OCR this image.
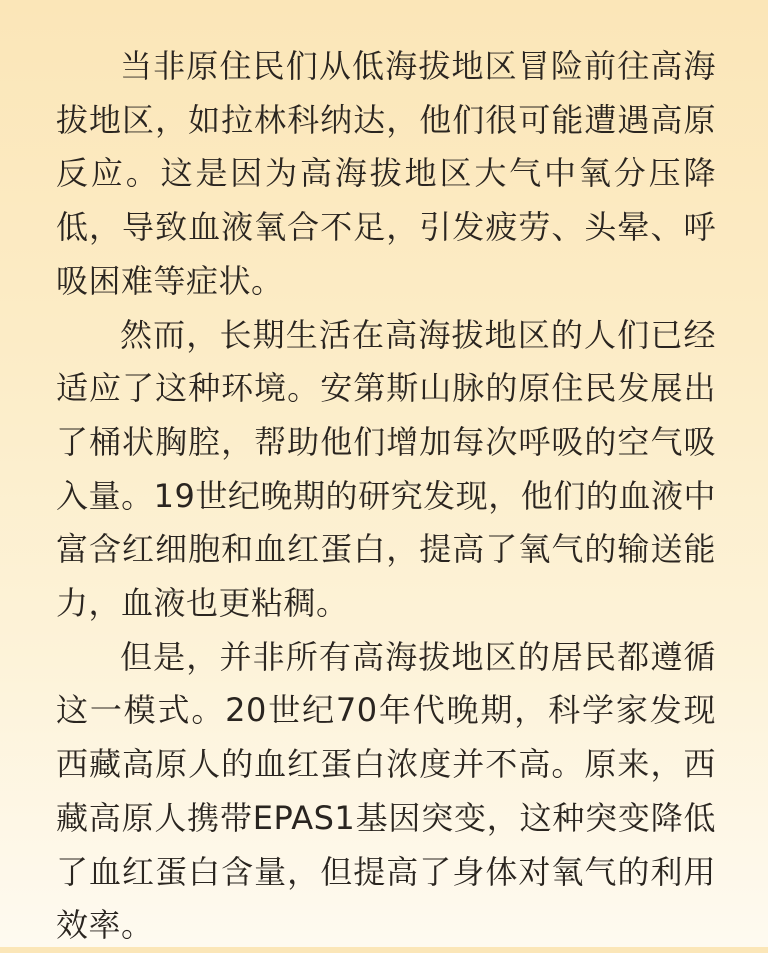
当非原住民们从低海拔地区冒险前往高海拔地区，如拉林科纳达，他们很可能遭遇高原反应。这是因为高海拔地区大气中氧分压降低，导致血液氧合不足，引发疲劳、头晕、呼吸困难等症状。

然而，长期生活在高海拔地区的人们已经适应了这种环境。安第斯山脉的原住民发展出了桶状胸腔，帮助他们增加每次呼吸的空气吸入量。19世纪晚期的研究发现，他们的血液中富含红细胞和血红蛋白，提高了氧气的输送能力，血液也更粘稠。

但是，并非所有高海拔地区的居民都遵循这一模式。20世纪70年代晚期，科学家发现西藏高原人的血红蛋白浓度并不高。原来，西藏高原人携带EPAS1基因突变，这种突变降低了血红蛋白含量，但提高了身体对氧气的利用效率。
